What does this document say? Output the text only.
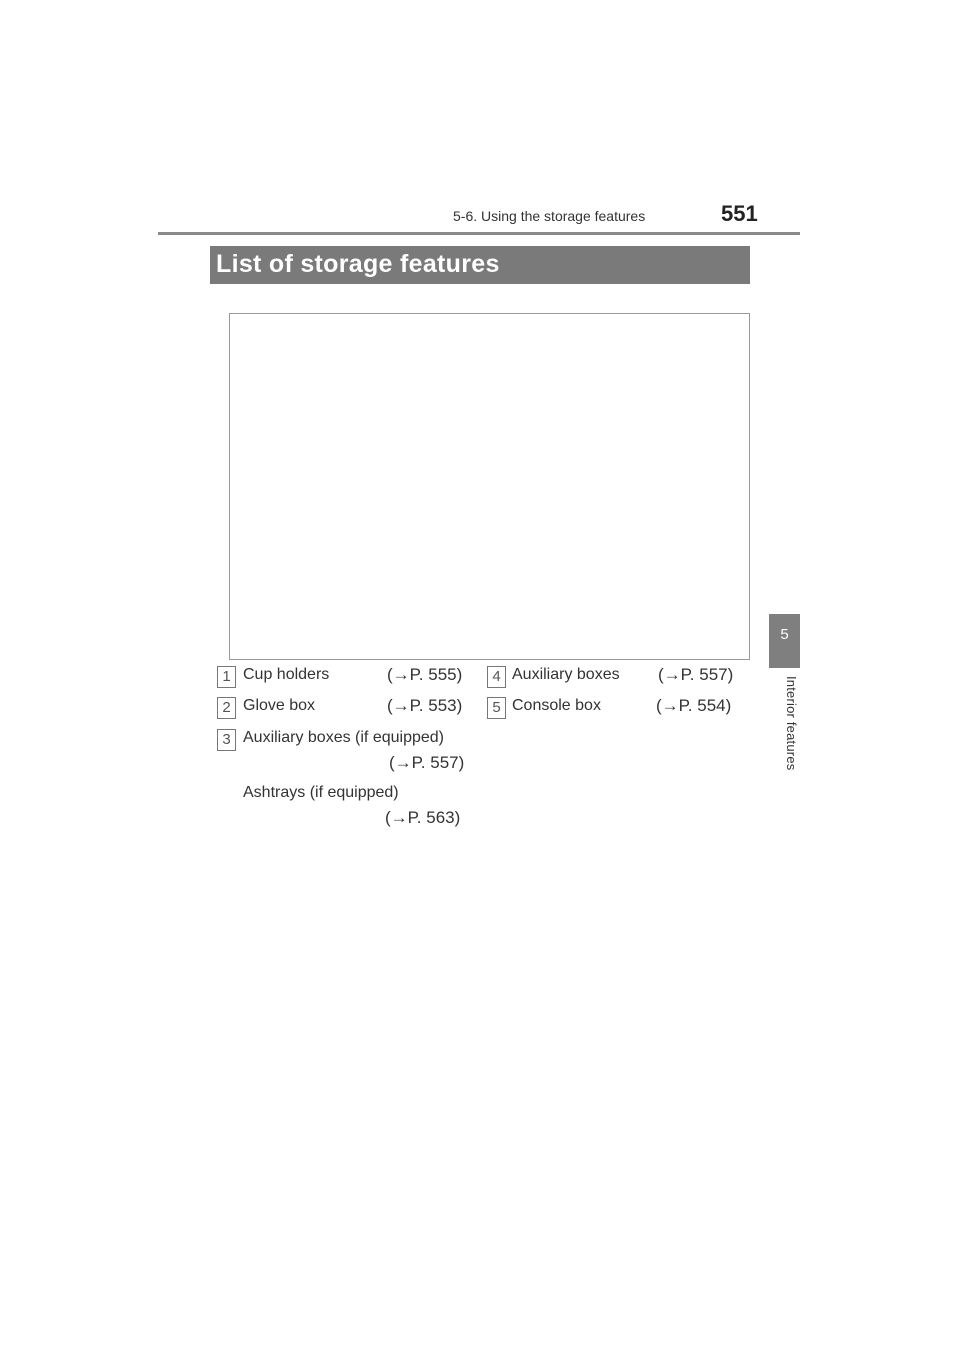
5-6. Using the storage features	551
5
Interior features
List of storage features
1 Cup holders	(→P. 555)
2 Glove box	(→P. 553)
3 Auxiliary boxes (if equipped)
(→P. 557)
Ashtrays (if equipped)
(→P. 563)
4 Auxiliary boxes (→P. 557)
5 Console box	(→P. 554)
